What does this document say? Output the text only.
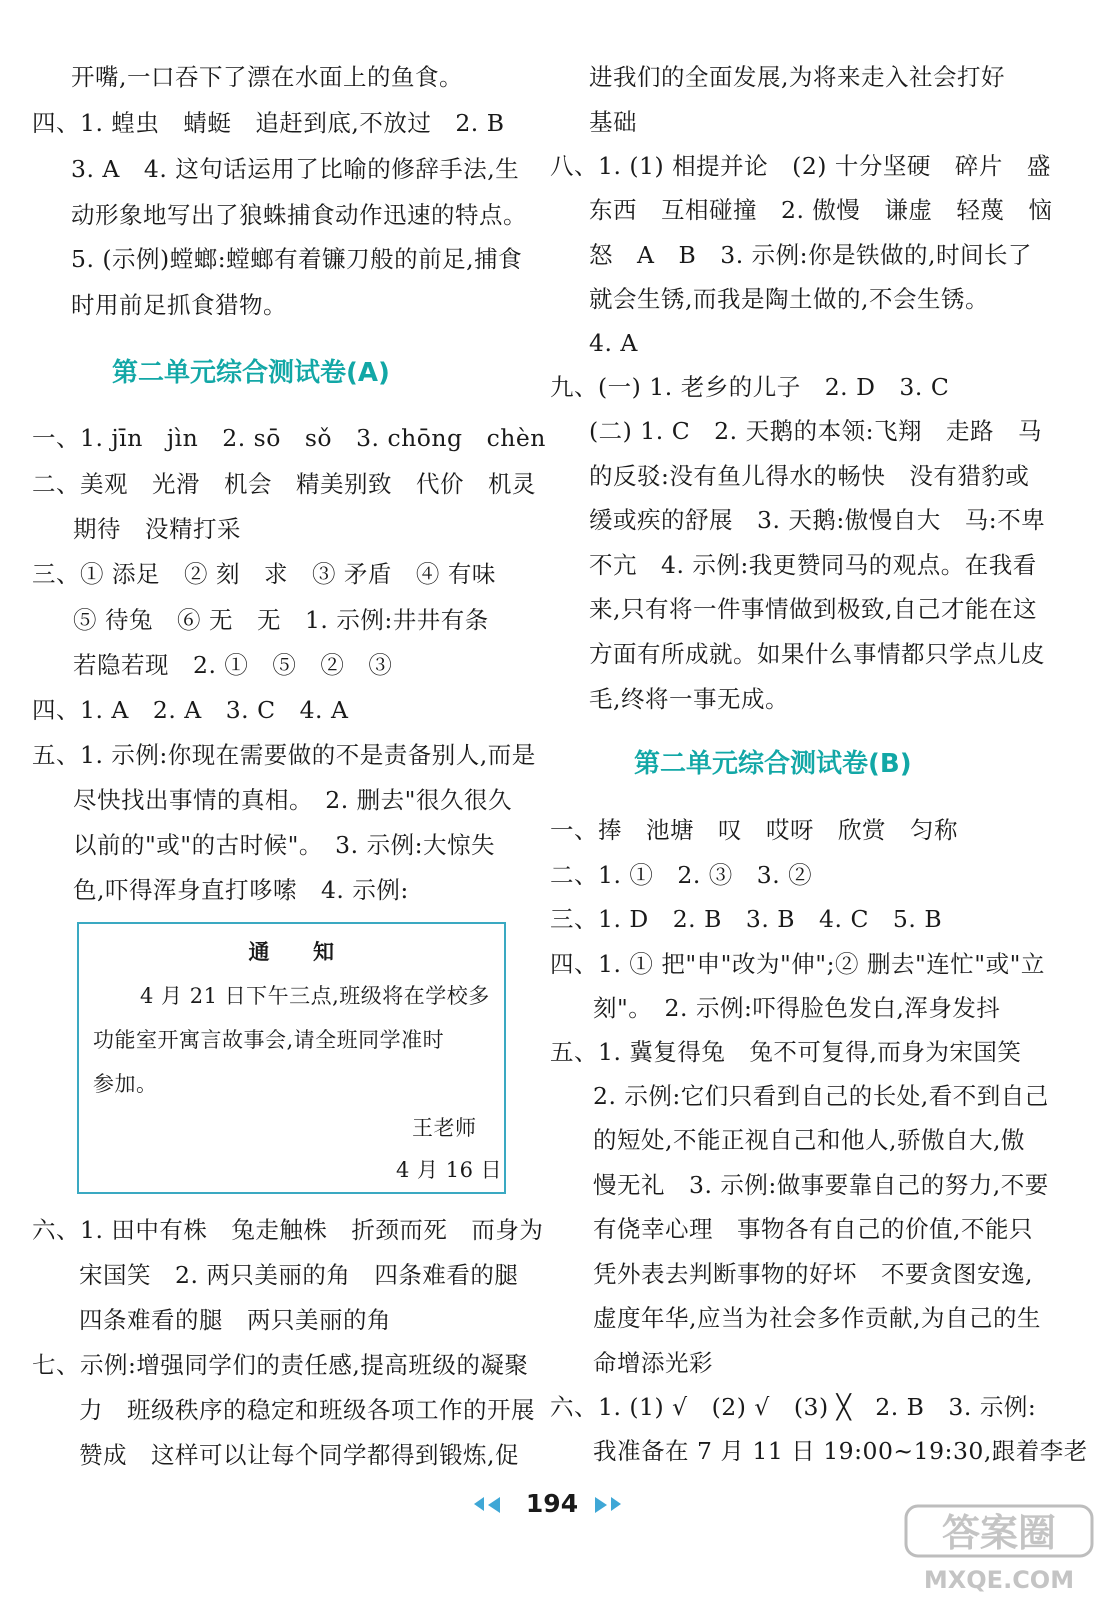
开嘴,一口吞下了漂在水面上的鱼食。
四、1. 蝗虫　蜻蜓　追赶到底,不放过　2. B
3. A　4. 这句话运用了比喻的修辞手法,生
动形象地写出了狼蛛捕食动作迅速的特点。
5. (示例)螳螂:螳螂有着镰刀般的前足,捕食
时用前足抓食猎物。
第二单元综合测试卷(A)
一、1. jīn　jìn　2. sō　sǒ　3. chōng　chèn
二、美观　光滑　机会　精美别致　代价　机灵
期待　没精打采
三、① 添足　② 刻　求　③ 矛盾　④ 有味
⑤ 待兔　⑥ 无　无　1. 示例:井井有条
若隐若现　2. ①　⑤　②　③
四、1. A　2. A　3. C　4. A
五、1. 示例:你现在需要做的不是责备别人,而是
尽快找出事情的真相。　2. 删去"很久很久
以前的"或"的古时候"。　3. 示例:大惊失
色,吓得浑身直打哆嗦　4. 示例:
通　　知
4 月 21 日下午三点,班级将在学校多
功能室开寓言故事会,请全班同学准时
参加。
王老师
4 月 16 日
六、1. 田中有株　兔走触株　折颈而死　而身为
宋国笑　2. 两只美丽的角　四条难看的腿
四条难看的腿　两只美丽的角
七、示例:增强同学们的责任感,提高班级的凝聚
力　班级秩序的稳定和班级各项工作的开展
赞成　这样可以让每个同学都得到锻炼,促
进我们的全面发展,为将来走入社会打好
基础
八、1. (1) 相提并论　(2) 十分坚硬　碎片　盛
东西　互相碰撞　2. 傲慢　谦虚　轻蔑　恼
怒　A　B　3. 示例:你是铁做的,时间长了
就会生锈,而我是陶土做的,不会生锈。
4. A
九、(一) 1. 老乡的儿子　2. D　3. C
(二) 1. C　2. 天鹅的本领:飞翔　走路　马
的反驳:没有鱼儿得水的畅快　没有猎豹或
缓或疾的舒展　3. 天鹅:傲慢自大　马:不卑
不亢　4. 示例:我更赞同马的观点。在我看
来,只有将一件事情做到极致,自己才能在这
方面有所成就。如果什么事情都只学点儿皮
毛,终将一事无成。
第二单元综合测试卷(B)
一、捧　池塘　叹　哎呀　欣赏　匀称
二、1. ①　2. ③　3. ②
三、1. D　2. B　3. B　4. C　5. B
四、1. ① 把"申"改为"伸";② 删去"连忙"或"立
刻"。　2. 示例:吓得脸色发白,浑身发抖
五、1. 冀复得兔　兔不可复得,而身为宋国笑
2. 示例:它们只看到自己的长处,看不到自己
的短处,不能正视自己和他人,骄傲自大,傲
慢无礼　3. 示例:做事要靠自己的努力,不要
有侥幸心理　事物各有自己的价值,不能只
凭外表去判断事物的好坏　不要贪图安逸,
虚度年华,应当为社会多作贡献,为自己的生
命增添光彩
六、1. (1) √　(2) √　(3) ╳　2. B　3. 示例:
我准备在 7 月 11 日 19:00~19:30,跟着李老
194
答案圈
MXQE.COM
